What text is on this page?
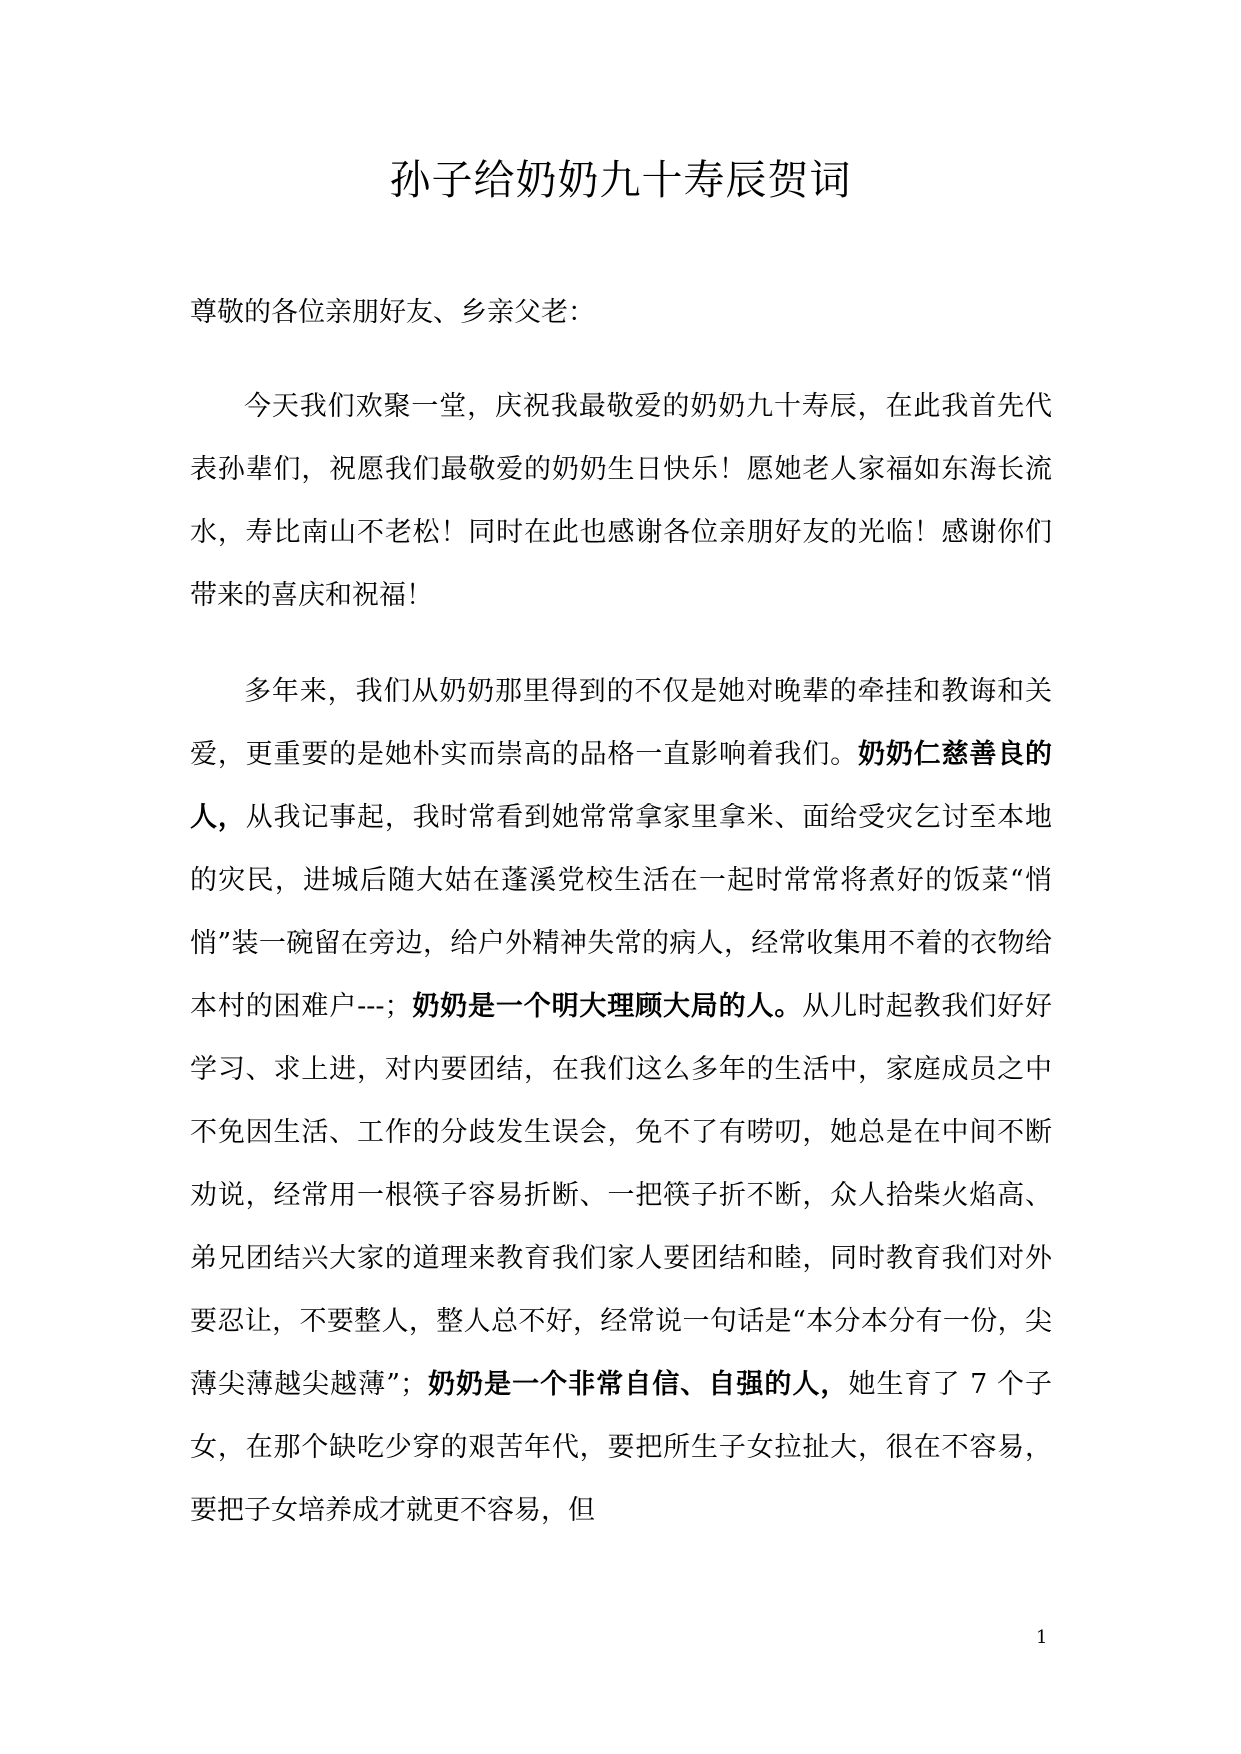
孙子给奶奶九十寿辰贺词

尊敬的各位亲朋好友、乡亲父老：

今天我们欢聚一堂，庆祝我最敬爱的奶奶九十寿辰，在此我首先代表孙辈们，祝愿我们最敬爱的奶奶生日快乐！愿她老人家福如东海长流水，寿比南山不老松！同时在此也感谢各位亲朋好友的光临！感谢你们带来的喜庆和祝福！

多年来，我们从奶奶那里得到的不仅是她对晚辈的牵挂和教诲和关爱，更重要的是她朴实而崇高的品格一直影响着我们。奶奶仁慈善良的人，从我记事起，我时常看到她常常拿家里拿米、面给受灾乞讨至本地的灾民，进城后随大姑在蓬溪党校生活在一起时常常将煮好的饭菜“悄悄”装一碗留在旁边，给户外精神失常的病人，经常收集用不着的衣物给本村的困难户---；奶奶是一个明大理顾大局的人。从儿时起教我们好好学习、求上进，对内要团结，在我们这么多年的生活中，家庭成员之中不免因生活、工作的分歧发生误会，免不了有唠叨，她总是在中间不断劝说，经常用一根筷子容易折断、一把筷子折不断，众人拾柴火焰高、弟兄团结兴大家的道理来教育我们家人要团结和睦，同时教育我们对外要忍让，不要整人，整人总不好，经常说一句话是“本分本分有一份，尖薄尖薄越尖越薄”；奶奶是一个非常自信、自强的人，她生育了 7 个子女，在那个缺吃少穿的艰苦年代，要把所生子女拉扯大，很在不容易，要把子女培养成才就更不容易，但

1
